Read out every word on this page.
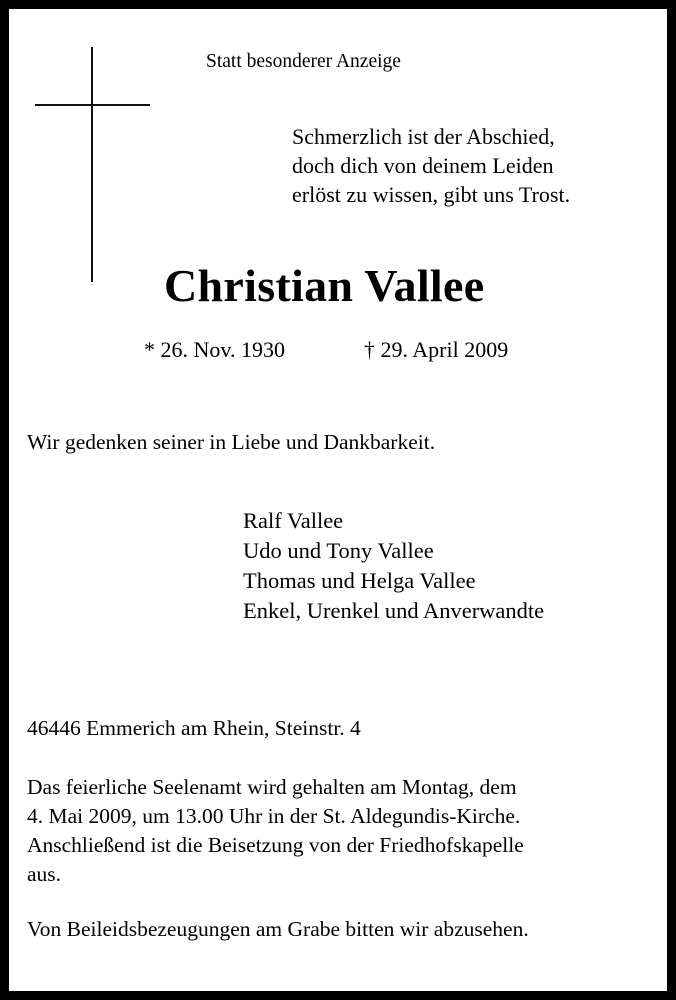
Statt besonderer Anzeige
Schmerzlich ist der Abschied,
doch dich von deinem Leiden
erlöst zu wissen, gibt uns Trost.
Christian Vallee
* 26. Nov. 1930	† 29. April 2009
Wir gedenken seiner in Liebe und Dankbarkeit.
Ralf Vallee
Udo und Tony Vallee
Thomas und Helga Vallee
Enkel, Urenkel und Anverwandte
46446 Emmerich am Rhein, Steinstr. 4
Das feierliche Seelenamt wird gehalten am Montag, dem
4. Mai 2009, um 13.00 Uhr in der St. Aldegundis-Kirche.
Anschließend ist die Beisetzung von der Friedhofskapelle
aus.
Von Beileidsbezeugungen am Grabe bitten wir abzusehen.
